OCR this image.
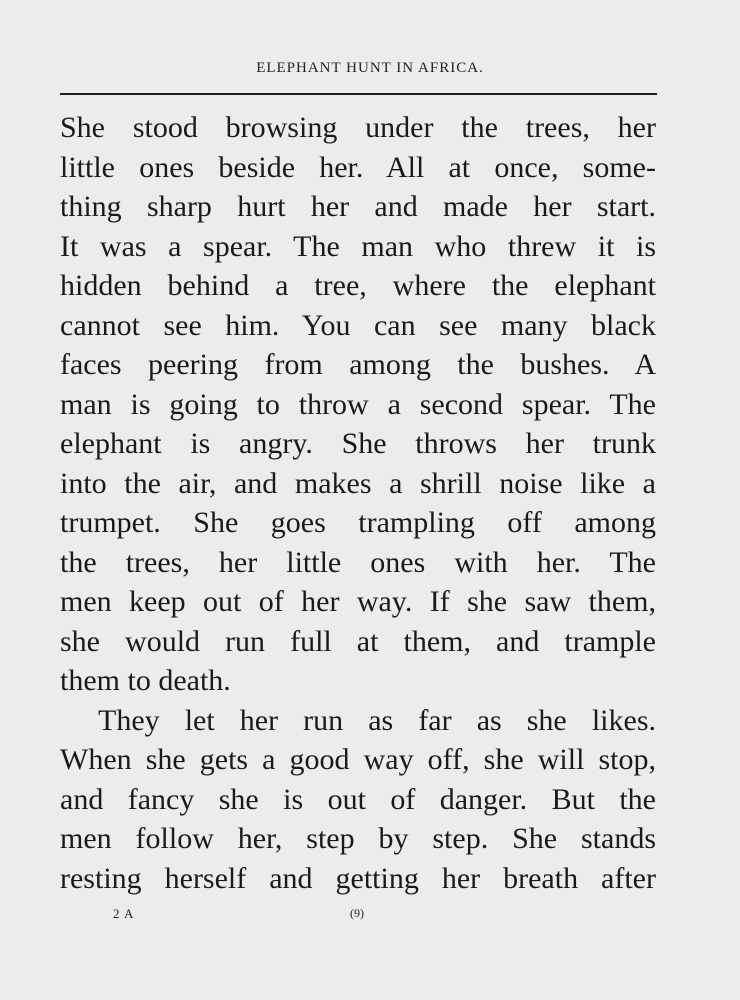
ELEPHANT HUNT IN AFRICA.
She stood browsing under the trees, her
little ones beside her. All at once, some-
thing sharp hurt her and made her start.
It was a spear. The man who threw it is
hidden behind a tree, where the elephant
cannot see him. You can see many black
faces peering from among the bushes. A
man is going to throw a second spear. The
elephant is angry. She throws her trunk
into the air, and makes a shrill noise like a
trumpet. She goes trampling off among
the trees, her little ones with her. The
men keep out of her way. If she saw them,
she would run full at them, and trample
them to death.
They let her run as far as she likes.
When she gets a good way off, she will stop,
and fancy she is out of danger. But the
men follow her, step by step. She stands
resting herself and getting her breath after
2 A	(9)
